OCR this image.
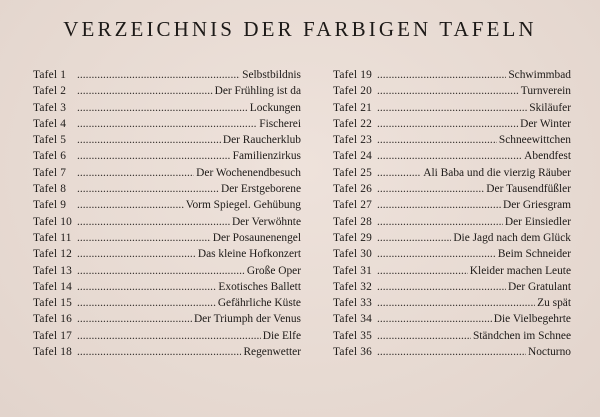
VERZEICHNIS DER FARBIGEN TAFELN
Tafel 1 . . .	Selbstbildnis
Tafel 2 . . .	Der Frühling ist da
Tafel 3 . . .	Lockungen
Tafel 4 . . .	Fischerei
Tafel 5 . . .	Der Raucherklub
Tafel 6 . . .	Familienzirkus
Tafel 7 . . .	Der Wochenendbesuch
Tafel 8 . . .	Der Erstgeborene
Tafel 9 . . .	Vorm Spiegel. Gehübung
Tafel 10 . . .	Der Verwöhnte
Tafel 11 . . .	Der Posaunenengel
Tafel 12 . . .	Das kleine Hofkonzert
Tafel 13 . . .	Große Oper
Tafel 14 . . .	Exotisches Ballett
Tafel 15 . . .	Gefährliche Küste
Tafel 16 . . .	Der Triumph der Venus
Tafel 17 . . .	Die Elfe
Tafel 18 . . .	Regenwetter
Tafel 19 . . .	Schwimmbad
Tafel 20 . . .	Turnverein
Tafel 21 . . .	Skiläufer
Tafel 22 . . .	Der Winter
Tafel 23 . . .	Schneewittchen
Tafel 24 . . .	Abendfest
Tafel 25 . . .	Ali Baba und die vierzig Räuber
Tafel 26 . . .	Der Tausendfüßler
Tafel 27 . . .	Der Griesgram
Tafel 28 . . .	Der Einsiedler
Tafel 29 . . .	Die Jagd nach dem Glück
Tafel 30 . . .	Beim Schneider
Tafel 31 . . .	Kleider machen Leute
Tafel 32 . . .	Der Gratulant
Tafel 33 . . .	Zu spät
Tafel 34 . . .	Die Vielbegehrte
Tafel 35 . . .	Ständchen im Schnee
Tafel 36 . . .	Nocturno
